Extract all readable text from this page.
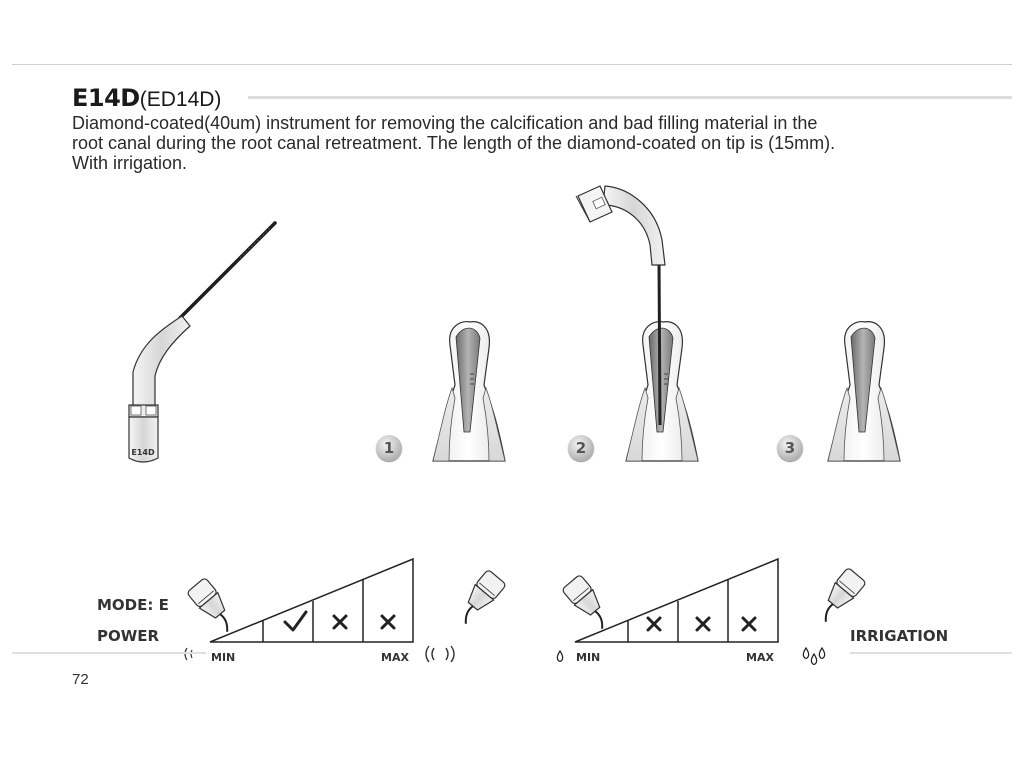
E14D(ED14D)

Diamond-coated(40um) instrument for removing the calcification and bad filling material in the

root canal during the root canal retreatment. The length of the diamond-coated on tip is (15mm).

With irrigation.

E14D	1	2	3
MODE: E
POWER	IRRIGATION
MIN	MAX	MIN	MAX
72
